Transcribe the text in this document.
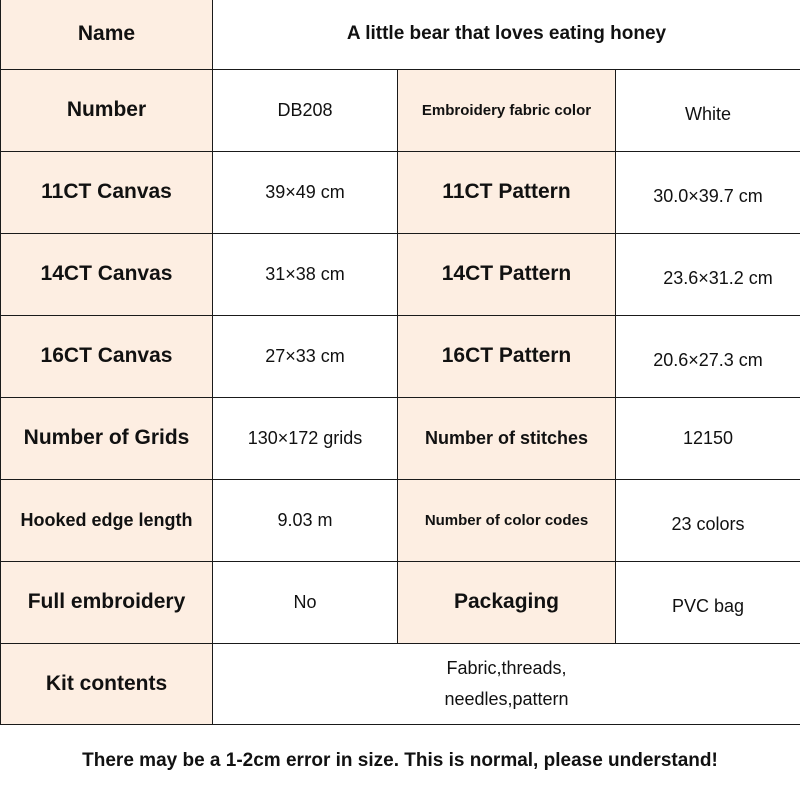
Name	A little bear that loves eating honey		
Number	DB208	Embroidery fabric color	White
11CT Canvas	39×49 cm	11CT Pattern	30.0×39.7 cm
14CT Canvas	31×38 cm	14CT Pattern	23.6×31.2 cm
16CT Canvas	27×33 cm	16CT Pattern	20.6×27.3 cm
Number of Grids	130×172 grids	Number of stitches	12150
Hooked edge length	9.03 m	Number of color codes	23 colors
Full embroidery	No	Packaging	PVC bag
Kit contents	Fabric,threads,
needles,pattern		
There may be a 1-2cm error in size. This is normal, please understand!
